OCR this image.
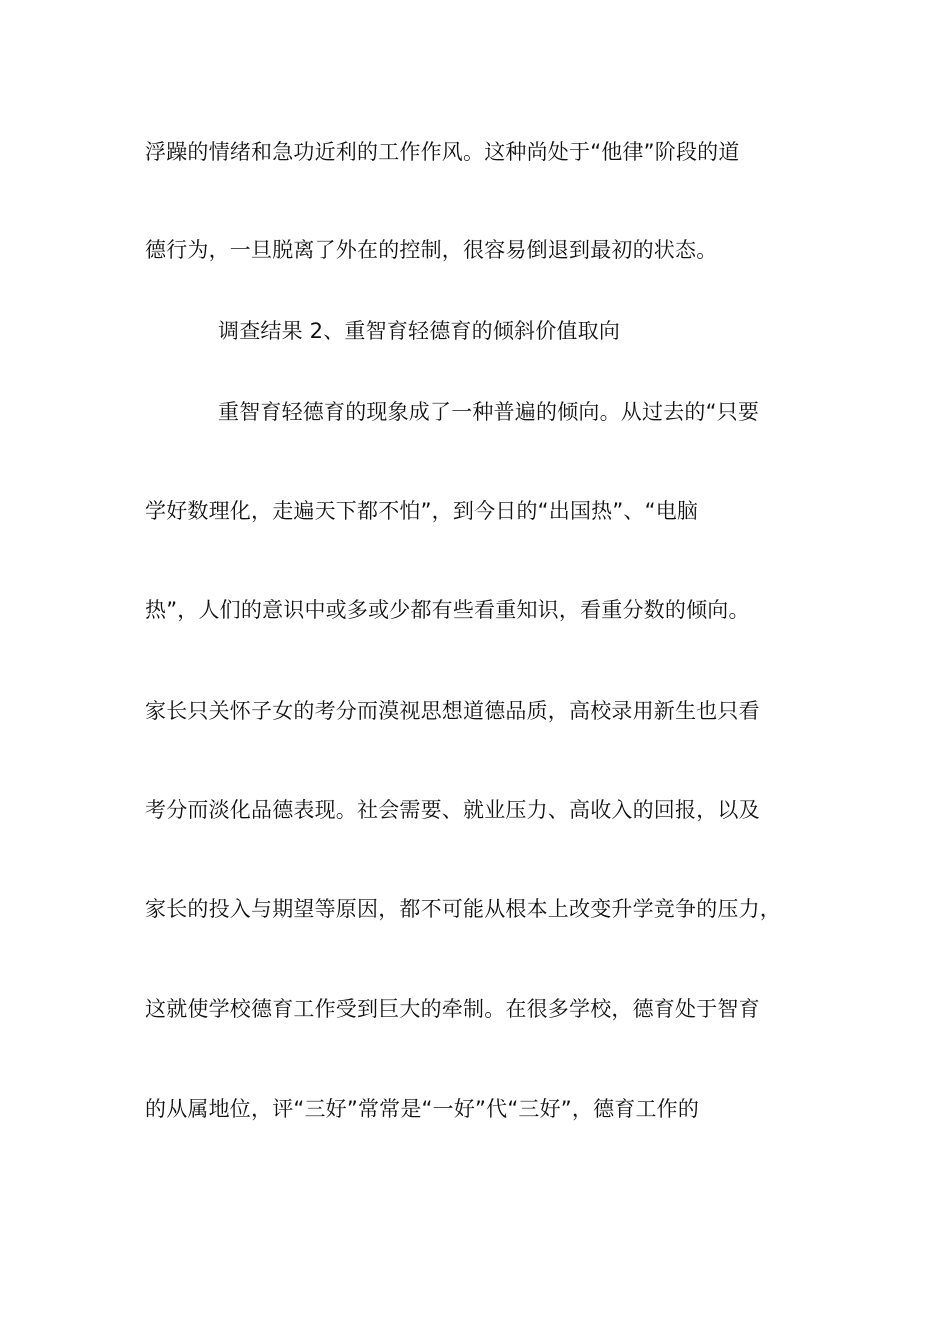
浮躁的情绪和急功近利的工作作风。这种尚处于“他律”阶段的道
德行为，一旦脱离了外在的控制，很容易倒退到最初的状态。
调查结果 2、重智育轻德育的倾斜价值取向
重智育轻德育的现象成了一种普遍的倾向。从过去的“只要
学好数理化，走遍天下都不怕”，到今日的“出国热”、“电脑
热”，人们的意识中或多或少都有些看重知识，看重分数的倾向。
家长只关怀子女的考分而漠视思想道德品质，高校录用新生也只看
考分而淡化品德表现。社会需要、就业压力、高收入的回报，以及
家长的投入与期望等原因，都不可能从根本上改变升学竞争的压力，
这就使学校德育工作受到巨大的牵制。在很多学校，德育处于智育
的从属地位，评“三好”常常是“一好”代“三好”，德育工作的
